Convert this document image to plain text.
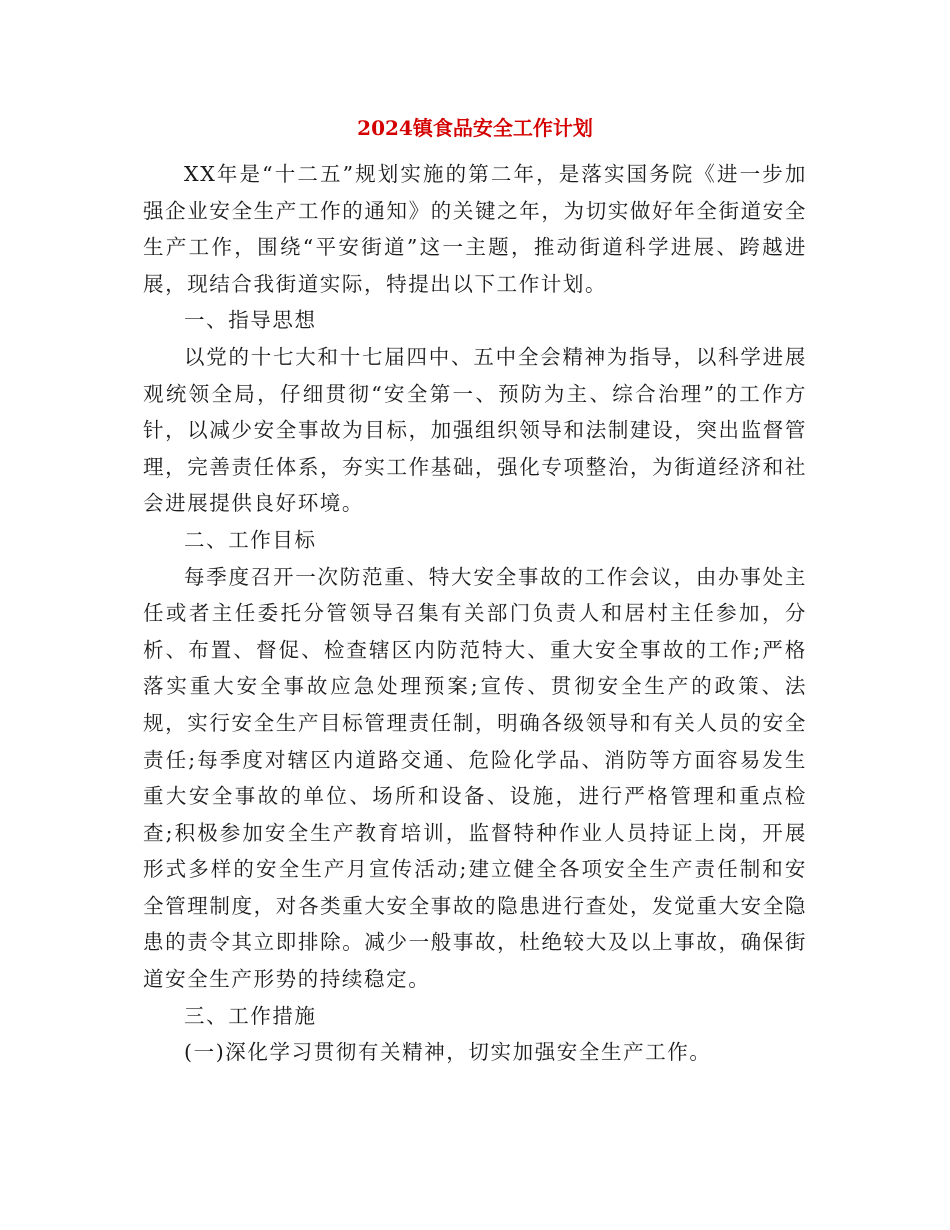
2024镇食品安全工作计划

XX年是“十二五”规划实施的第二年，是落实国务院《进一步加强企业安全生产工作的通知》的关键之年，为切实做好年全街道安全生产工作，围绕“平安街道”这一主题，推动街道科学进展、跨越进展，现结合我街道实际，特提出以下工作计划。

一、指导思想

以党的十七大和十七届四中、五中全会精神为指导，以科学进展观统领全局，仔细贯彻“安全第一、预防为主、综合治理”的工作方针，以减少安全事故为目标，加强组织领导和法制建设，突出监督管理，完善责任体系，夯实工作基础，强化专项整治，为街道经济和社会进展提供良好环境。

二、工作目标

每季度召开一次防范重、特大安全事故的工作会议，由办事处主任或者主任委托分管领导召集有关部门负责人和居村主任参加，分析、布置、督促、检查辖区内防范特大、重大安全事故的工作;严格落实重大安全事故应急处理预案;宣传、贯彻安全生产的政策、法规，实行安全生产目标管理责任制，明确各级领导和有关人员的安全责任;每季度对辖区内道路交通、危险化学品、消防等方面容易发生重大安全事故的单位、场所和设备、设施，进行严格管理和重点检查;积极参加安全生产教育培训，监督特种作业人员持证上岗，开展形式多样的安全生产月宣传活动;建立健全各项安全生产责任制和安全管理制度，对各类重大安全事故的隐患进行查处，发觉重大安全隐患的责令其立即排除。减少一般事故，杜绝较大及以上事故，确保街道安全生产形势的持续稳定。

三、工作措施

(一)深化学习贯彻有关精神，切实加强安全生产工作。
